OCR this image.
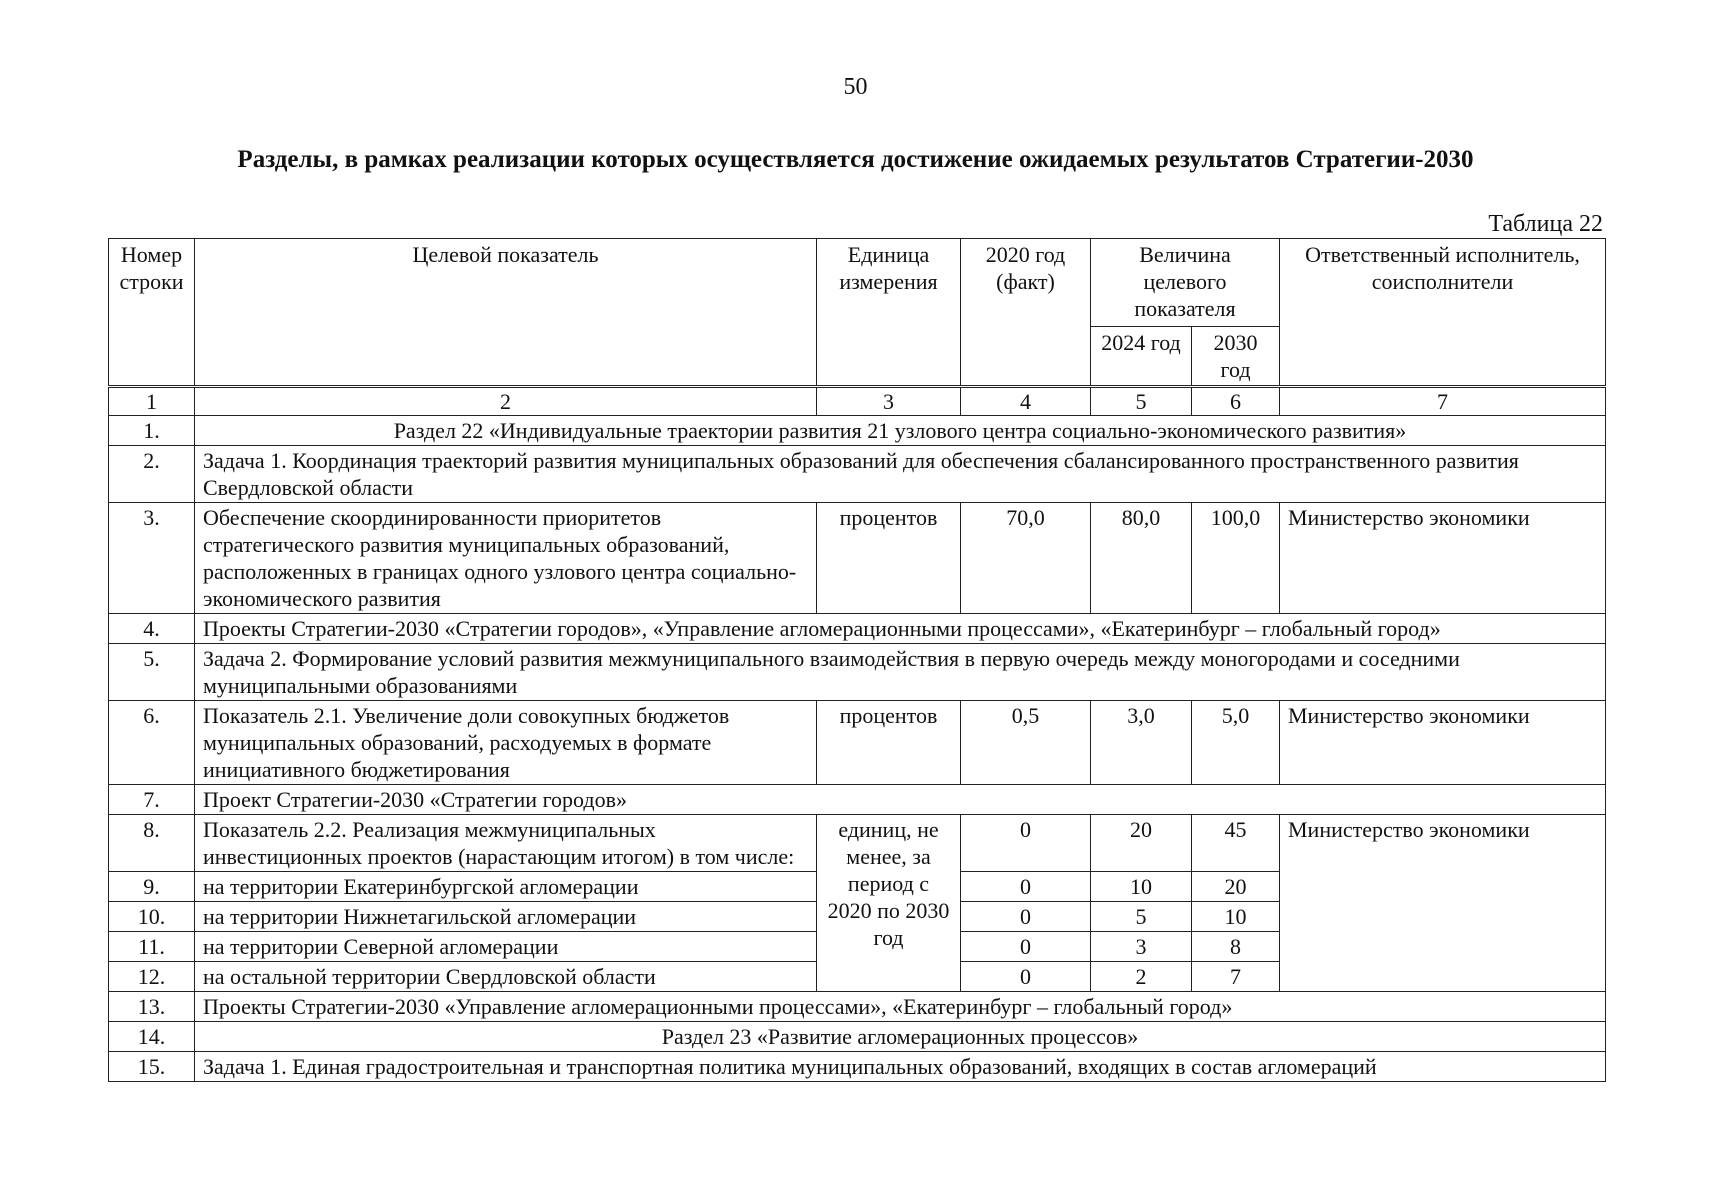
50
Разделы, в рамках реализации которых осуществляется достижение ожидаемых результатов Стратегии-2030
Таблица 22
Номер строки	Целевой показатель	Единица измерения	2020 год (факт)	Величина целевого показателя		Ответственный исполнитель, соисполнители
				2024 год	2030 год	
1	2	3	4	5	6	7
1.	Раздел 22 «Индивидуальные траектории развития 21 узлового центра социально-экономического развития»					
2.	Задача 1. Координация траекторий развития муниципальных образований для обеспечения сбалансированного пространственного развития Свердловской области					
3.	Обеспечение скоординированности приоритетов стратегического развития муниципальных образований, расположенных в границах одного узлового центра социально-экономического развития	процентов	70,0	80,0	100,0	Министерство экономики
4.	Проекты Стратегии-2030 «Стратегии городов», «Управление агломерационными процессами», «Екатеринбург – глобальный город»					
5.	Задача 2. Формирование условий развития межмуниципального взаимодействия в первую очередь между моногородами и соседними муниципальными образованиями					
6.	Показатель 2.1. Увеличение доли совокупных бюджетов муниципальных образований, расходуемых в формате инициативного бюджетирования	процентов	0,5	3,0	5,0	Министерство экономики
7.	Проект Стратегии-2030 «Стратегии городов»					
8.	Показатель 2.2. Реализация межмуниципальных инвестиционных проектов (нарастающим итогом) в том числе:	единиц, не менее, за период с 2020 по 2030 год	0	20	45	Министерство экономики
9.	на территории Екатеринбургской агломерации		0	10	20	
10.	на территории Нижнетагильской агломерации		0	5	10	
11.	на территории Северной агломерации		0	3	8	
12.	на остальной территории Свердловской области		0	2	7	
13.	Проекты Стратегии-2030 «Управление агломерационными процессами», «Екатеринбург – глобальный город»					
14.	Раздел 23 «Развитие агломерационных процессов»					
15.	Задача 1. Единая градостроительная и транспортная политика муниципальных образований, входящих в состав агломераций					
